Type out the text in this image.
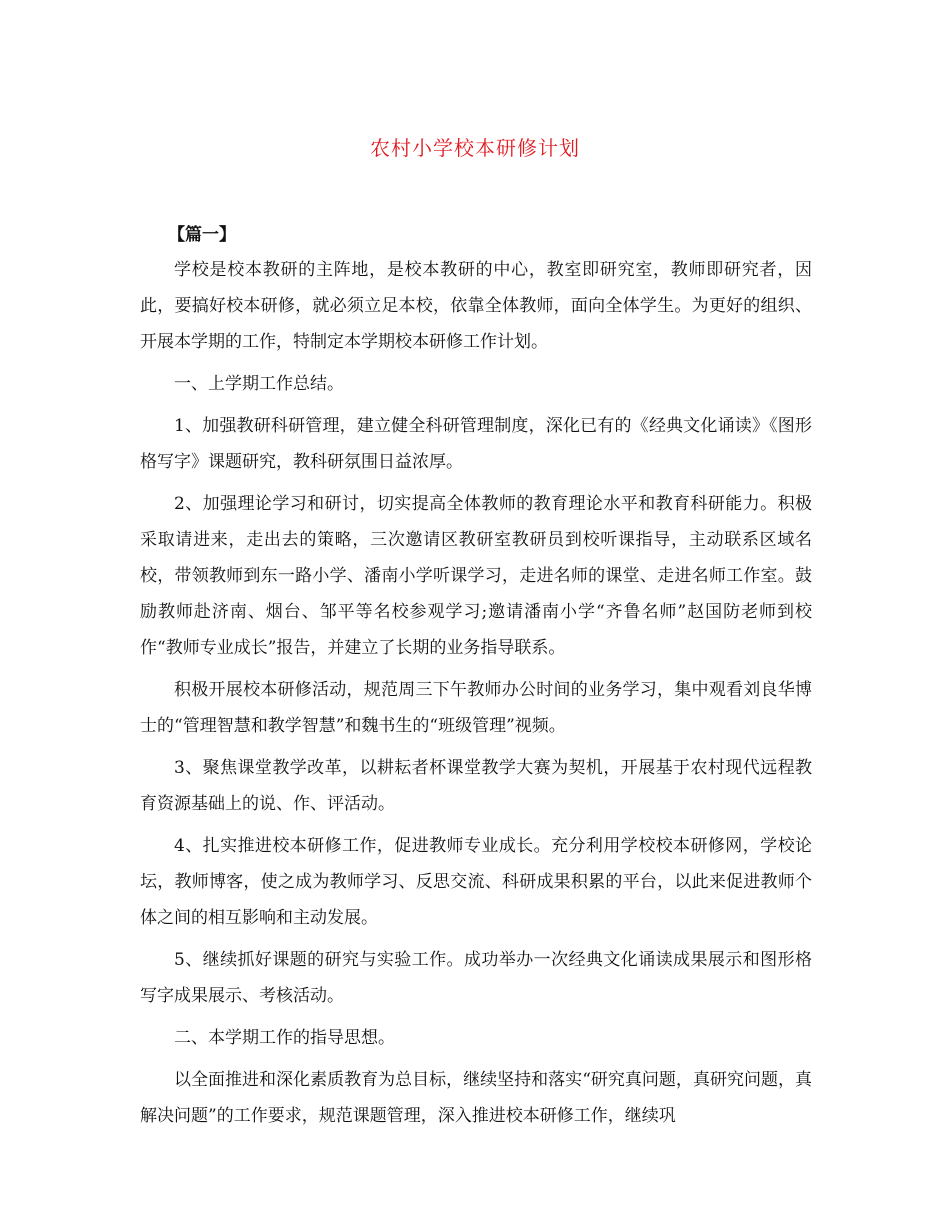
农村小学校本研修计划
【篇一】

学校是校本教研的主阵地，是校本教研的中心，教室即研究室，教师即研究者，因此，要搞好校本研修，就必须立足本校，依靠全体教师，面向全体学生。为更好的组织、开展本学期的工作，特制定本学期校本研修工作计划。

一、上学期工作总结。

1、加强教研科研管理，建立健全科研管理制度，深化已有的《经典文化诵读》《图形格写字》课题研究，教科研氛围日益浓厚。

2、加强理论学习和研讨，切实提高全体教师的教育理论水平和教育科研能力。积极采取请进来，走出去的策略，三次邀请区教研室教研员到校听课指导，主动联系区域名校，带领教师到东一路小学、潘南小学听课学习，走进名师的课堂、走进名师工作室。鼓励教师赴济南、烟台、邹平等名校参观学习;邀请潘南小学“齐鲁名师”赵国防老师到校作“教师专业成长”报告，并建立了长期的业务指导联系。

积极开展校本研修活动，规范周三下午教师办公时间的业务学习，集中观看刘良华博士的“管理智慧和教学智慧”和魏书生的“班级管理”视频。

3、聚焦课堂教学改革，以耕耘者杯课堂教学大赛为契机，开展基于农村现代远程教育资源基础上的说、作、评活动。

4、扎实推进校本研修工作，促进教师专业成长。充分利用学校校本研修网，学校论坛，教师博客，使之成为教师学习、反思交流、科研成果积累的平台，以此来促进教师个体之间的相互影响和主动发展。

5、继续抓好课题的研究与实验工作。成功举办一次经典文化诵读成果展示和图形格写字成果展示、考核活动。

二、本学期工作的指导思想。

以全面推进和深化素质教育为总目标，继续坚持和落实“研究真问题，真研究问题，真解决问题”的工作要求，规范课题管理，深入推进校本研修工作，继续巩
